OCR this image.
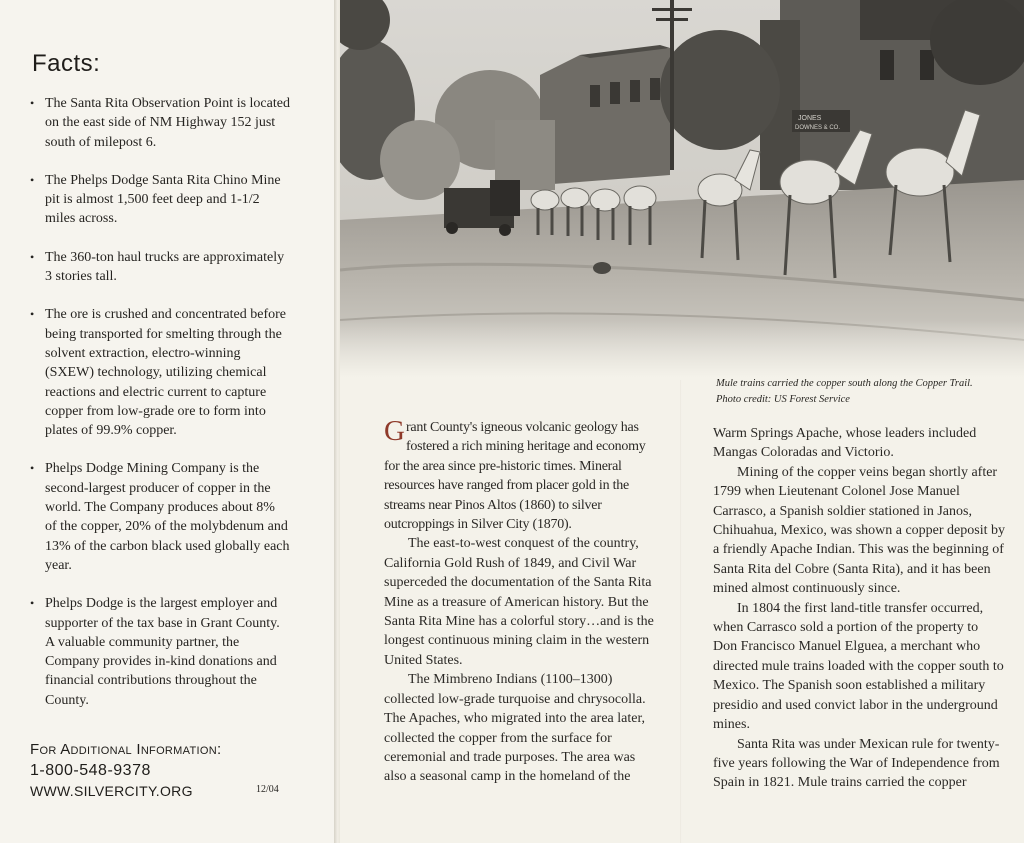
Facts:
• The Santa Rita Observation Point is located on the east side of NM Highway 152 just south of milepost 6.
• The Phelps Dodge Santa Rita Chino Mine pit is almost 1,500 feet deep and 1-1/2 miles across.
• The 360-ton haul trucks are approximately 3 stories tall.
• The ore is crushed and concentrated before being transported for smelting through the solvent extraction, electro-winning (SXEW) technology, utilizing chemical reactions and electric current to capture copper from low-grade ore to form into plates of 99.9% copper.
• Phelps Dodge Mining Company is the second-largest producer of copper in the world. The Company produces about 8% of the copper, 20% of the molybdenum and 13% of the carbon black used globally each year.
• Phelps Dodge is the largest employer and supporter of the tax base in Grant County. A valuable community partner, the Company provides in-kind donations and financial contributions throughout the County.
For Additional Information:
1-800-548-9378
WWW.SILVERCITY.ORG	12/04
JONES
DOWNES & CO.
Mule trains carried the copper south along the Copper Trail.
Photo credit: US Forest Service

Grant County's igneous volcanic geology has fostered a rich mining heritage and economy for the area since pre-historic times. Mineral resources have ranged from placer gold in the streams near Pinos Altos (1860) to silver outcroppings in Silver City (1870).

The east-to-west conquest of the country, California Gold Rush of 1849, and Civil War superceded the documentation of the Santa Rita Mine as a treasure of American history. But the Santa Rita Mine has a colorful story…and is the longest continuous mining claim in the western United States.

The Mimbreno Indians (1100–1300) collected low-grade turquoise and chrysocolla. The Apaches, who migrated into the area later, collected the copper from the surface for ceremonial and trade purposes. The area was also a seasonal camp in the homeland of the

Warm Springs Apache, whose leaders included Mangas Coloradas and Victorio.

Mining of the copper veins began shortly after 1799 when Lieutenant Colonel Jose Manuel Carrasco, a Spanish soldier stationed in Janos, Chihuahua, Mexico, was shown a copper deposit by a friendly Apache Indian. This was the beginning of Santa Rita del Cobre (Santa Rita), and it has been mined almost continuously since.

In 1804 the first land-title transfer occurred, when Carrasco sold a portion of the property to Don Francisco Manuel Elguea, a merchant who directed mule trains loaded with the copper south to Mexico. The Spanish soon established a military presidio and used convict labor in the underground mines.

Santa Rita was under Mexican rule for twenty-five years following the War of Independence from Spain in 1821. Mule trains carried the copper
